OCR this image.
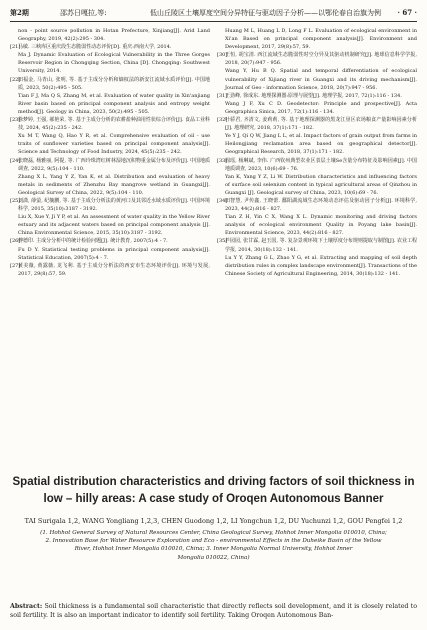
第2期	邵苏日嘎拉,等:	低山丘陵区土壤厚度空间分异特征与驱动因子分析——以鄂伦春自治旗为例 · 67 ·
non - point source pollution in Hotan Prefecture, Xinjiang[J]. Arid Land Geography, 2019, 42(2):295 - 304.
[21]
马敏. 三峡库区重庆段生态脆弱性动态评价[D]. 重庆:西南大学, 2014.
Ma J. Dynamic Evaluation of Ecological Vulnerability in the Three Gorges Reservoir Region in Chongqing Section, China [D]. Chongqing: Southwest University, 2014.
[22]
田福金, 马青山, 张明, 等. 基于主成分分析和熵权法的新安江流域水质评价[J]. 中国地质, 2023, 50(2):495 - 505.
Tian F J, Ma Q S, Zhang M, et al. Evaluation of water quality in Xin'anjiang River basin based on principal component analysis and entropy weight method[J]. Geology in China, 2023, 50(2):495 - 505.
[23]
徐梦婷, 王强, 郝艳荣, 等. 基于主成分分析的农耕盐种油用性状综合评价[J]. 食品工业科技, 2024, 45(2):235 - 242.
Xu M T, Wang Q, Hao Y R, et al. Comprehensive evaluation of oil - use traits of sunflower varieties based on principal component analysis[J]. Science and Technology of Food Industry, 2024, 45(5):235 - 242.
[24]
张晓磊, 杨雅丽, 阿提, 等. 广西玲珠湾红树林湿地沉积物重金属分布及评价[J]. 中国地质调查, 2022, 9(5):104 - 110.
Zhang X L, Yang Y Z, Yan K, et al. Distribution and evaluation of heavy metals in sediments of Zhenzhu Bay mangrove wetland in Guangxi[J]. Geological Survey of China, 2022, 9(5):104 - 110.
[25]
刘潇, 薛萤, 纪毓鹏, 等. 基于主成分分析法的黄河口及其邻近水域水质评价[J]. 中国环境科学, 2015, 35(10):3187 - 3192.
Liu X, Xue Y, Ji Y P, et al. An assessment of water quality in the Yellow River estuary and its adjacent waters based on principal component analysis [J]. China Environmental Science, 2015, 35(10):3187 - 3192.
[26]
傅德印. 主成分分析中的统计检验问题[J]. 统计教育, 2007(5):4 - 7.
Fu D Y. Statistical testing problems in principal component analysis[J]. Statistical Education, 2007(5):4 - 7.
[27]
黄美薇, 黄露薇, 龙飞利. 基于主成分分析法的西安市生态环境评价[J]. 环境与发展, 2017, 29(8):57, 59.
Huang M L, Huang L D, Long F L. Evaluation of ecological environment in Xi'an Based on principal component analysis[J]. Environment and Development, 2017, 29(8):57, 59.
[30]
王恒, 胡宝清. 西江流域生态脆弱性时空分异及其驱动机制研究[J]. 地球信息科学学报, 2018, 20(7):947 - 956.
Wang Y, Hu B Q. Spatial and temporal differentiation of ecological vulnerability of Xijiang river in Guangxi and its driving mechanism[J]. Journal of Geo - information Science, 2018, 20(7):947 - 956.
[31]
王劲峰, 徐成东. 地理探测器:原理与展望[J]. 地理学报, 2017, 72(1):116 - 134.
Wang J F, Xu C D. Geodetector: Principle and prospective[J]. Acta Geographica Sinica, 2017, 72(1):116 - 134.
[32]
叶骄君, 齐清文, 姜莉莉, 等. 基于地理探测器的黑龙江垦区农场粮食产量影响因素分析[J]. 地理研究, 2018, 37(1):171 - 182.
Ye Y J, Qi Q W, Jiang L L, et al. Impact factors of grain output from farms in Heilongjiang reclamation area based on geographical detector[J]. Geographical Research, 2018, 37(1):171 - 182.
[33]
阎瑶, 杨琳斌, 李伟. 广西钦州典型农业区表层土壤Se含量分布特征及影响因素[J]. 中国地质调查, 2023, 10(6):69 - 76.
Yan K, Yang Y Z, Li W. Distribution characteristics and influencing factors of surface soil selenium content in typical agricultural areas of Qinzhou in Guangxi [J]. Geological survey of China, 2023, 10(6):69 - 76.
[34]
田智慧, 尹传鑫, 王晓蕾. 鄱阳湖流域生态环境动态评估及驱动因子分析[J]. 环境科学, 2023, 44(2):816 - 827.
Tian Z H, Yin C X, Wang X L. Dynamic monitoring and driving factors analysis of ecological environment Quality in Poyang lake basin[J]. Environmental Science, 2023, 44(2):816 - 827.
[35]
芦园园, 张甘霖, 赵玉国, 等. 复杂景观环境下土壤厚度分布规则提取与制图[J]. 农业工程学报, 2014, 30(18):132 - 141.
Lu Y Y, Zhang G L, Zhao Y G, et al. Extracting and mapping of soil depth distribution rules in complex landscape environment[J]. Transactions of the Chinese Society of Agricultural Engineering, 2014, 30(18):132 - 141.
Spatial distribution characteristics and driving factors of soil thickness in
low – hilly areas: A case study of Oroqen Autonomous Banner
TAI Surigala 1,2, WANG Yongliang 1,2,3, CHEN Guodong 1,2, LI Yongchun 1,2, DU Yuchunzi 1,2, GOU Pengfei 1,2
(1. Hohhot General Survey of Natural Resources Center, China Geological Survey, Hohhot Inner Mongolia 010010, China;
2. Innovation Base for Water Resource Exploration and Eco - environmental Effects in the Duheike Basin of the Yellow
River, Hohhot Inner Mongolia 010010, China; 3. Inner Mongolia Normal University, Hohhot Inner
Mongolia 010022, China)
Abstract: Soil thickness is a fundamental soil characteristic that directly reflects soil development, and it is closely related to soil fertility. It is also an important indicator to identify soil fertility. Taking Oroqen Autonomous Ban-
